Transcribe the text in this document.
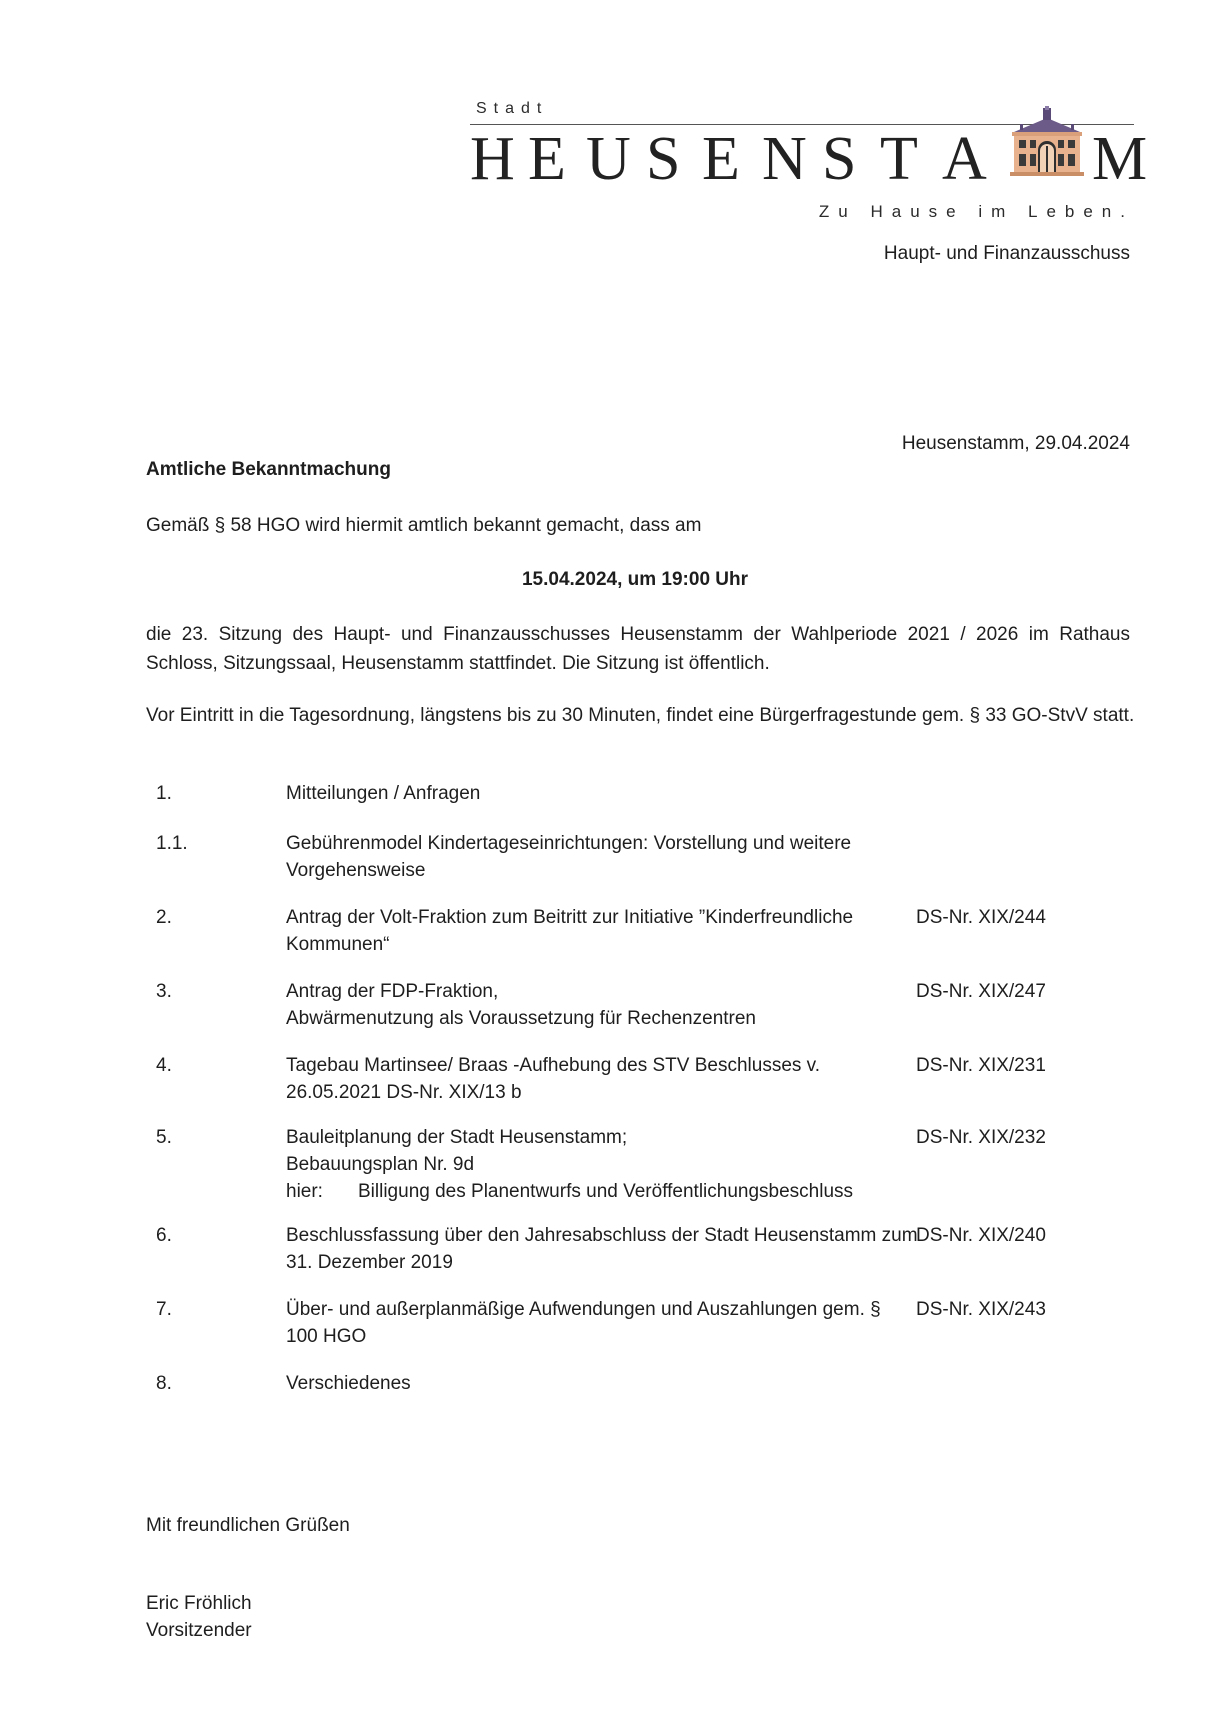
Stadt
H E U S E N S T A M
Zu Hause im Leben.
Haupt- und Finanzausschuss
Heusenstamm, 29.04.2024
Amtliche Bekanntmachung
Gemäß § 58 HGO wird hiermit amtlich bekannt gemacht, dass am
15.04.2024, um 19:00 Uhr
die 23. Sitzung des Haupt- und Finanzausschusses Heusenstamm der Wahlperiode 2021 / 2026 im Rathaus Schloss, Sitzungssaal, Heusenstamm stattfindet. Die Sitzung ist öffentlich.
Vor Eintritt in die Tagesordnung, längstens bis zu 30 Minuten, findet eine Bürgerfragestunde gem. § 33 GO-StvV statt.
1.	Mitteilungen / Anfragen
1.1.	Gebührenmodel Kindertageseinrichtungen: Vorstellung und weitere
Vorgehensweise
2.	Antrag der Volt-Fraktion zum Beitritt zur Initiative ”Kinderfreundliche
Kommunen“
DS-Nr. XIX/244
3.	Antrag der FDP-Fraktion,
Abwärmenutzung als Voraussetzung für Rechenzentren
DS-Nr. XIX/247
4.	Tagebau Martinsee/ Braas -Aufhebung des STV Beschlusses v.
26.05.2021 DS-Nr. XIX/13 b
DS-Nr. XIX/231
5.	Bauleitplanung der Stadt Heusenstamm;
Bebauungsplan Nr. 9d
hier: Billigung des Planentwurfs und Veröffentlichungsbeschluss
DS-Nr. XIX/232
6.	Beschlussfassung über den Jahresabschluss der Stadt Heusenstamm zum
31. Dezember 2019
DS-Nr. XIX/240
7.	Über- und außerplanmäßige Aufwendungen und Auszahlungen gem. §
100 HGO
DS-Nr. XIX/243
8.	Verschiedenes
Mit freundlichen Grüßen
Eric Fröhlich
Vorsitzender
